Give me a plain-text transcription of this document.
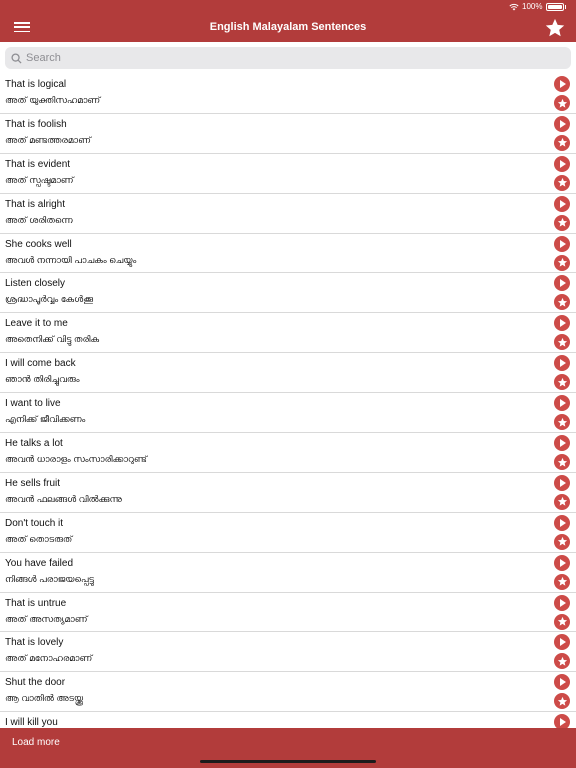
100%
English Malayalam Sentences
Search
That is logical
അത് യുക്തിസഹമാണ്
That is foolish
അത് മണ്ടത്തരമാണ്
That is evident
അത് സ്പഷ്ടമാണ്
That is alright
അത് ശരിതന്നെ
She cooks well
അവൾ നന്നായി പാചകം ചെയ്യും
Listen closely
ശ്രദ്ധാപൂർവ്വം കേൾക്കൂ
Leave it to me
അതെനിക്ക് വിട്ടു തരിക
I will come back
ഞാൻ തിരിച്ചുവരും
I want to live
എനിക്ക് ജീവിക്കണം
He talks a lot
അവൻ ധാരാളം സംസാരിക്കാറുണ്ട്
He sells fruit
അവൻ ഫലങ്ങൾ വിൽക്കുന്നു
Don't touch it
അത് തൊടരുത്
You have failed
നിങ്ങൾ പരാജയപ്പെട്ടു
That is untrue
അത് അസത്യമാണ്
That is lovely
അത് മനോഹരമാണ്
Shut the door
ആ വാതിൽ അടയ്ക്കൂ
I will kill you
Load more
